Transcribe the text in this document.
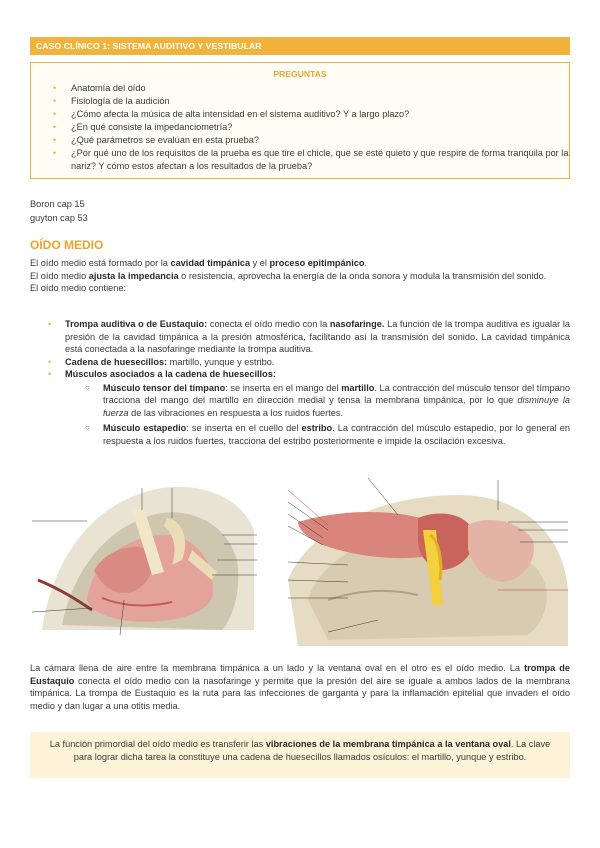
CASO CLÍNICO 1: SISTEMA AUDITIVO Y VESTIBULAR
PREGUNTAS
• Anatomía del oído
• Fisiología de la audición
• ¿Cómo afecta la música de alta intensidad en el sistema auditivo? Y a largo plazo?
• ¿En qué consiste la impedanciometría?
• ¿Qué parámetros se evalúan en esta prueba?
• ¿Por qué uno de los requisitos de la prueba es que tire el chicle, que se esté quieto y que respire de forma tranquila por la nariz? Y cómo estos afectan a los resultados de la prueba?
Boron cap 15
guyton cap 53
OÍDO MEDIO

El oído medio está formado por la cavidad timpánica y el proceso epitimpánico.

El oído medio ajusta la impedancia o resistencia, aprovecha la energía de la onda sonora y modula la transmisión del sonido.

El oído medio contiene:

• Trompa auditiva o de Eustaquio: conecta el oído medio con la nasofaringe. La función de la trompa auditiva es igualar la presión de la cavidad timpánica a la presión atmosférica, facilitando así la transmisión del sonido. La cavidad timpánica está conectada a la nasofaringe mediante la trompa auditiva.
• Cadena de huesecillos: martillo, yunque y estribo.
• Músculos asociados a la cadena de huesecillos:
○ Músculo tensor del tímpano: se inserta en el mango del martillo. La contracción del músculo tensor del tímpano tracciona del mango del martillo en dirección medial y tensa la membrana timpánica, por lo que disminuye la fuerza de las vibraciones en respuesta a los ruidos fuertes.
○ Músculo estapedio: se inserta en el cuello del estribo. La contracción del músculo estapedio, por lo general en respuesta a los ruidos fuertes, tracciona del estribo posteriormente e impide la oscilación excesiva.
La cámara llena de aire entre la membrana timpánica a un lado y la ventana oval en el otro es el oído medio. La trompa de Eustaquio conecta el oído medio con la nasofaringe y permite que la presión del aire se iguale a ambos lados de la membrana timpánica. La trompa de Eustaquio es la ruta para las infecciones de garganta y para la inflamación epitelial que invaden el oído medio y dan lugar a una otitis media.
La función primordial del oído medio es transferir las vibraciones de la membrana timpánica a la ventana oval. La clave para lograr dicha tarea la constituye una cadena de huesecillos llamados osículos: el martillo, yunque y estribo.
